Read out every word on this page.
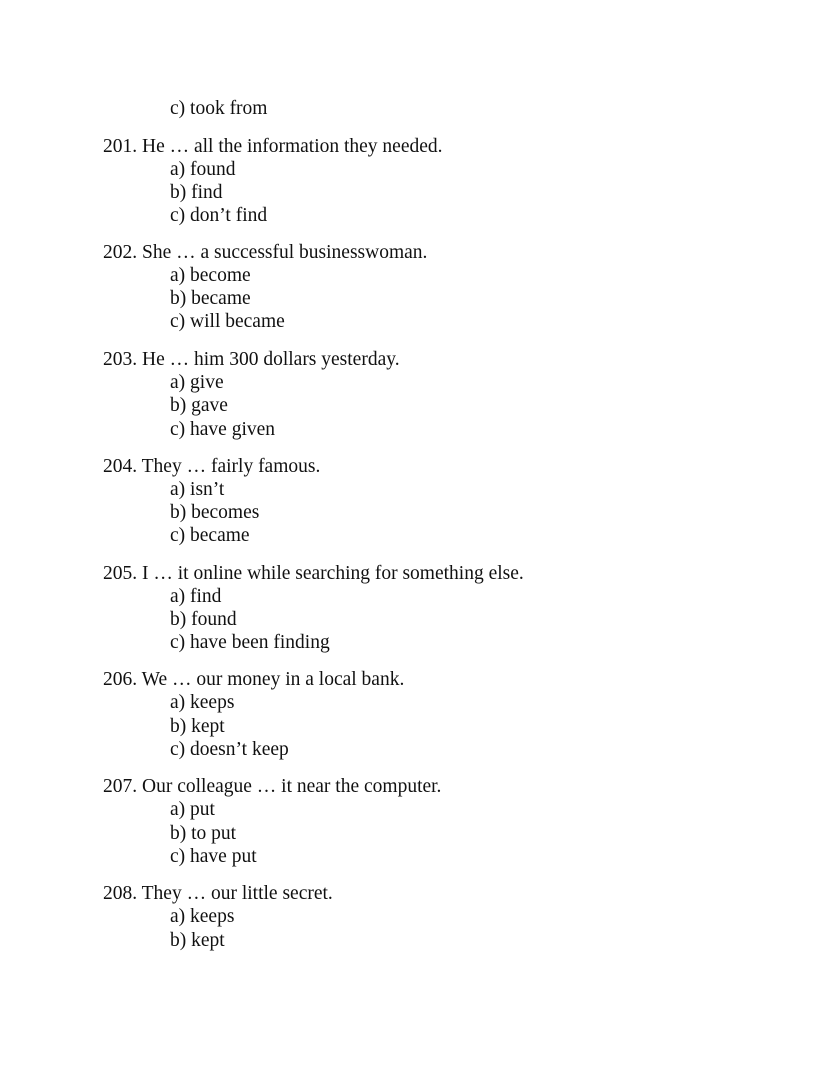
c) took from
201. He … all the information they needed.
a) found
b) find
c) don’t find
202. She … a successful businesswoman.
a) become
b) became
c) will became
203. He … him 300 dollars yesterday.
a) give
b) gave
c) have given
204. They … fairly famous.
a) isn’t
b) becomes
c) became
205. I … it online while searching for something else.
a) find
b) found
c) have been finding
206. We … our money in a local bank.
a) keeps
b) kept
c) doesn’t keep
207. Our colleague … it near the computer.
a) put
b) to put
c) have put
208. They … our little secret.
a) keeps
b) kept
